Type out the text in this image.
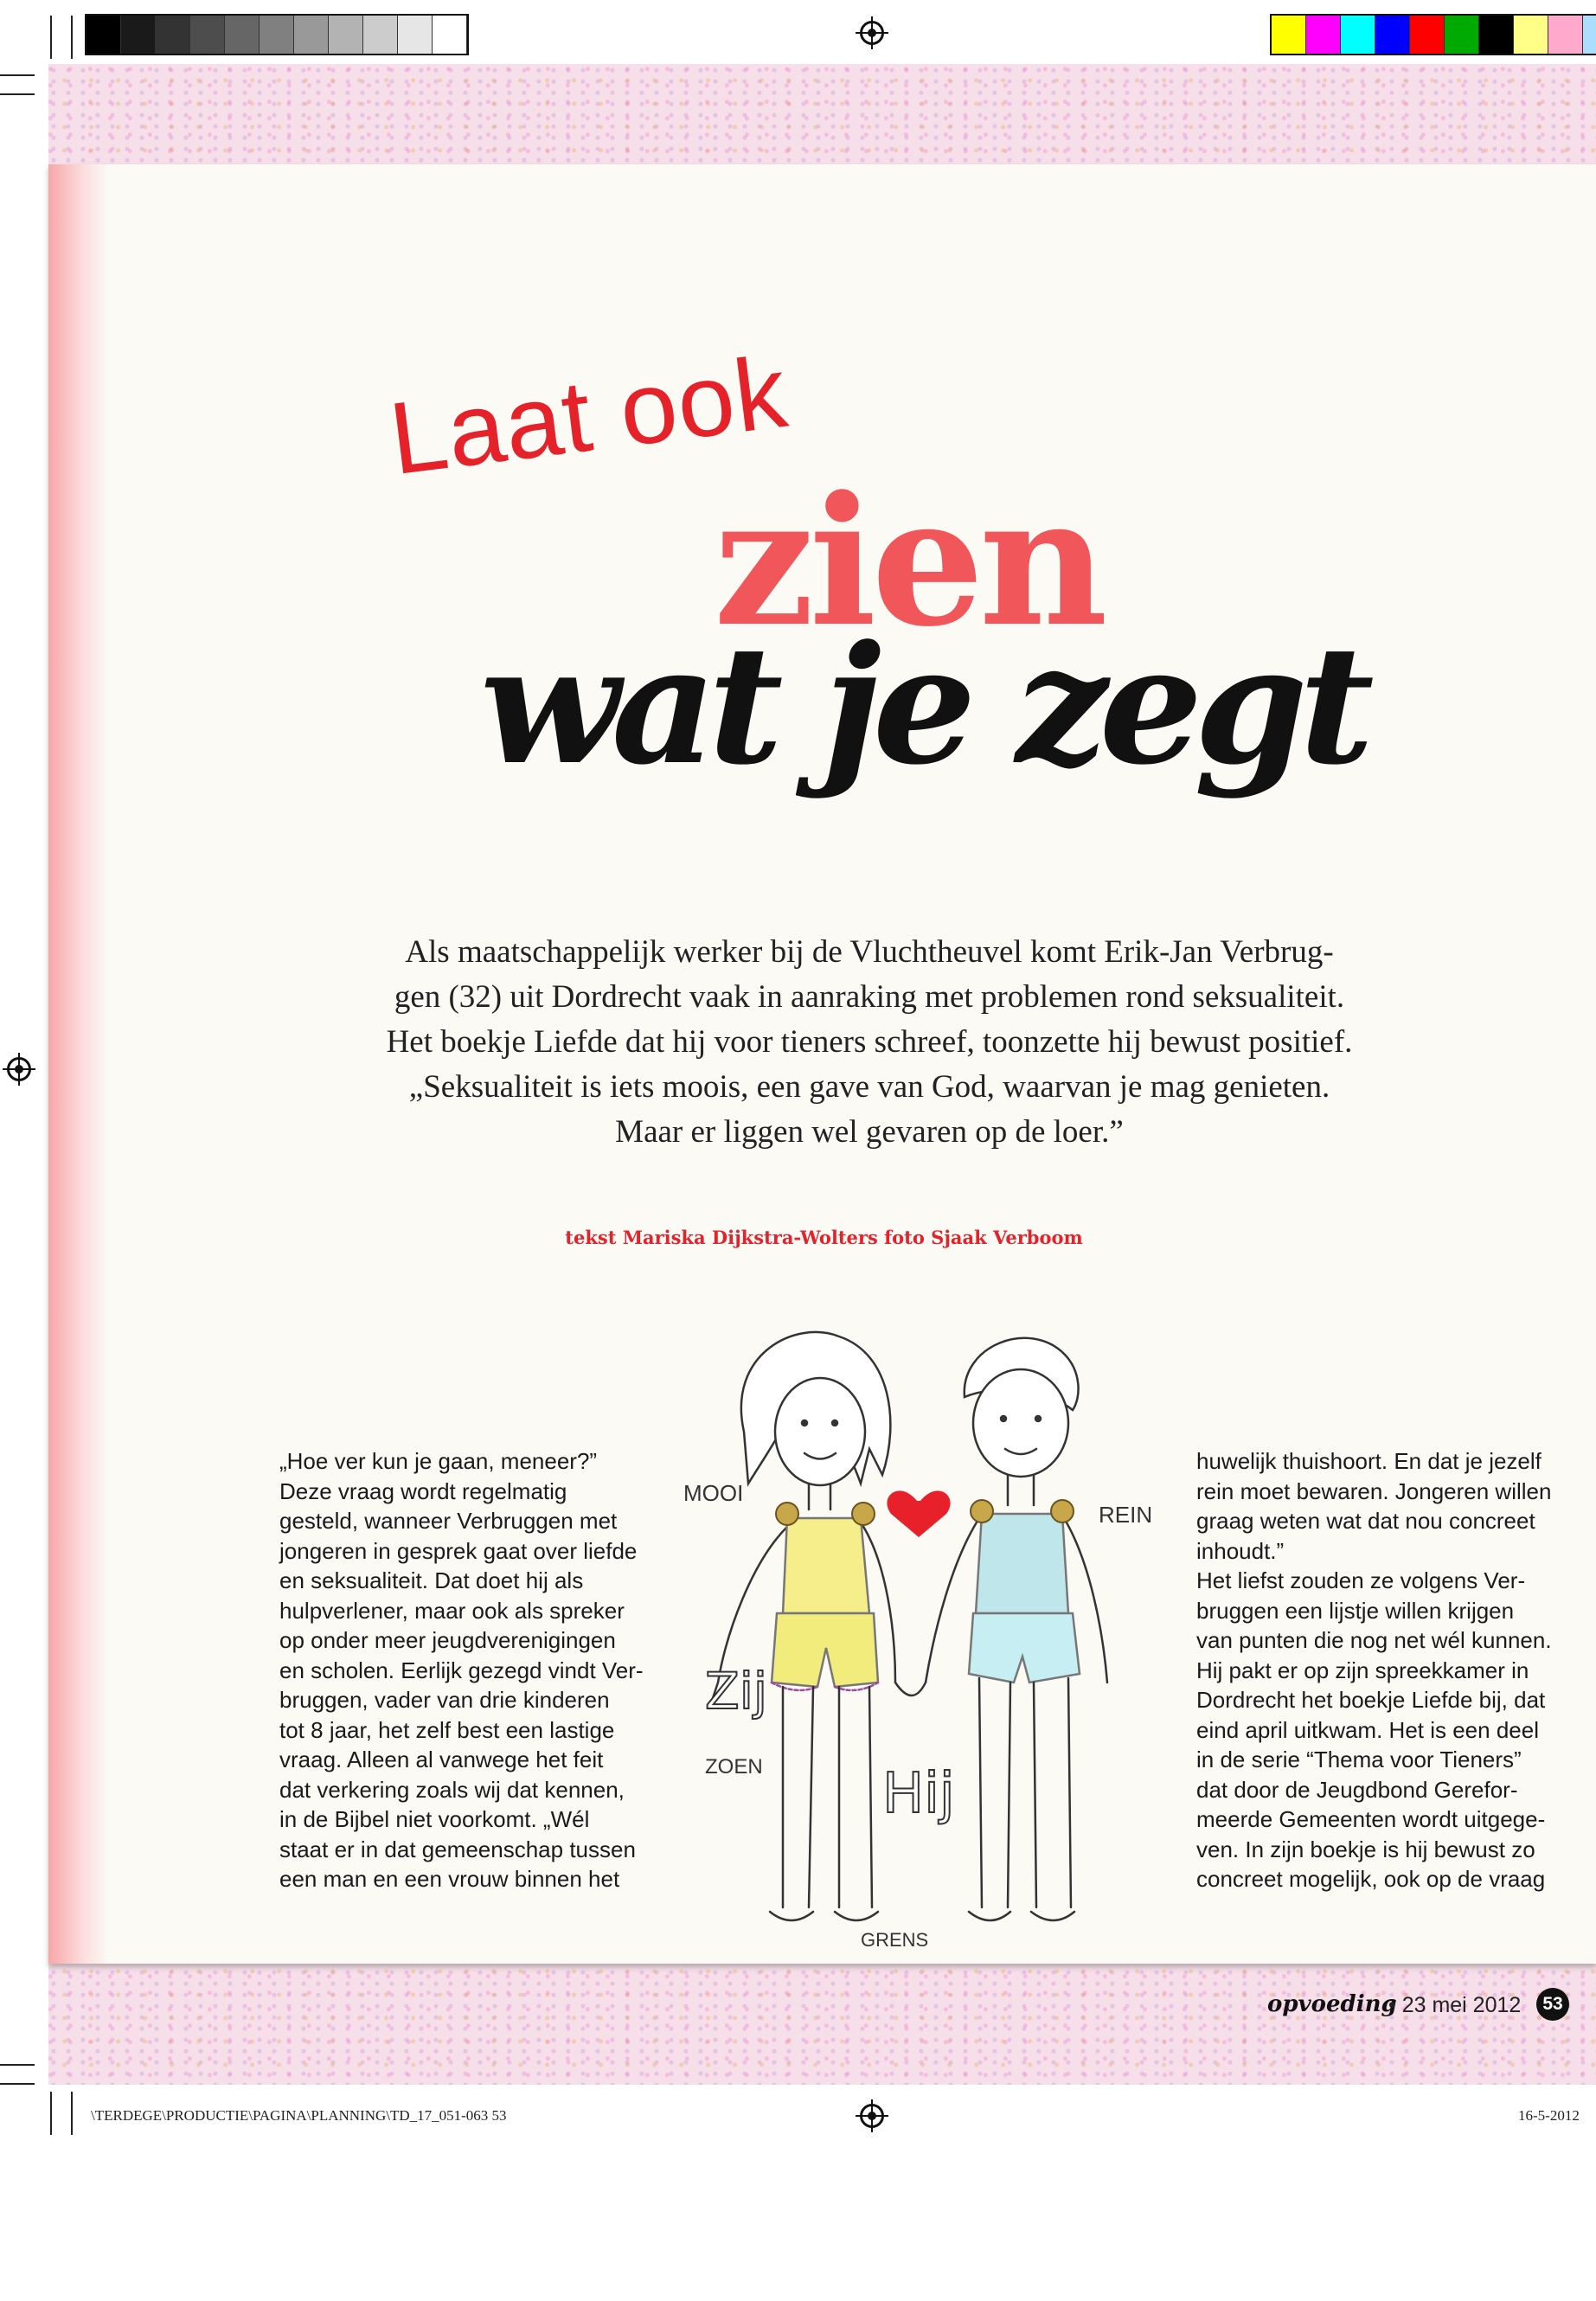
Laat ook
zien
wat je zegt

Als maatschappelijk werker bij de Vluchtheuvel komt Erik-Jan Verbrug-

gen (32) uit Dordrecht vaak in aanraking met problemen rond seksualiteit.

Het boekje Liefde dat hij voor tieners schreef, toonzette hij bewust positief.

„Seksualiteit is iets moois, een gave van God, waarvan je mag genieten.

Maar er liggen wel gevaren op de loer.”

tekst Mariska Dijkstra-Wolters foto Sjaak Verboom

„Hoe ver kun je gaan, meneer?”

Deze vraag wordt regelmatig

gesteld, wanneer Verbruggen met

jongeren in gesprek gaat over liefde

en seksualiteit. Dat doet hij als

hulpverlener, maar ook als spreker

op onder meer jeugdverenigingen

en scholen. Eerlijk gezegd vindt Ver-

bruggen, vader van drie kinderen

tot 8 jaar, het zelf best een lastige

vraag. Alleen al vanwege het feit

dat verkering zoals wij dat kennen,

in de Bijbel niet voorkomt. „Wél

staat er in dat gemeenschap tussen

een man en een vrouw binnen het

huwelijk thuishoort. En dat je jezelf

rein moet bewaren. Jongeren willen

graag weten wat dat nou concreet

inhoudt.”

Het liefst zouden ze volgens Ver-

bruggen een lijstje willen krijgen

van punten die nog net wél kunnen.

Hij pakt er op zijn spreekkamer in

Dordrecht het boekje Liefde bij, dat

eind april uitkwam. Het is een deel

in de serie “Thema voor Tieners”

dat door de Jeugdbond Gerefor-

meerde Gemeenten wordt uitgege-

ven. In zijn boekje is hij bewust zo

concreet mogelijk, ook op de vraag

MOOI
REIN
Zij
ZOEN Hij
GRENS
opvoeding
• 23 mei 2012	53
\TERDEGE\PRODUCTIE\PAGINA\PLANNING\TD_17_051-063 53	16-5-2012
